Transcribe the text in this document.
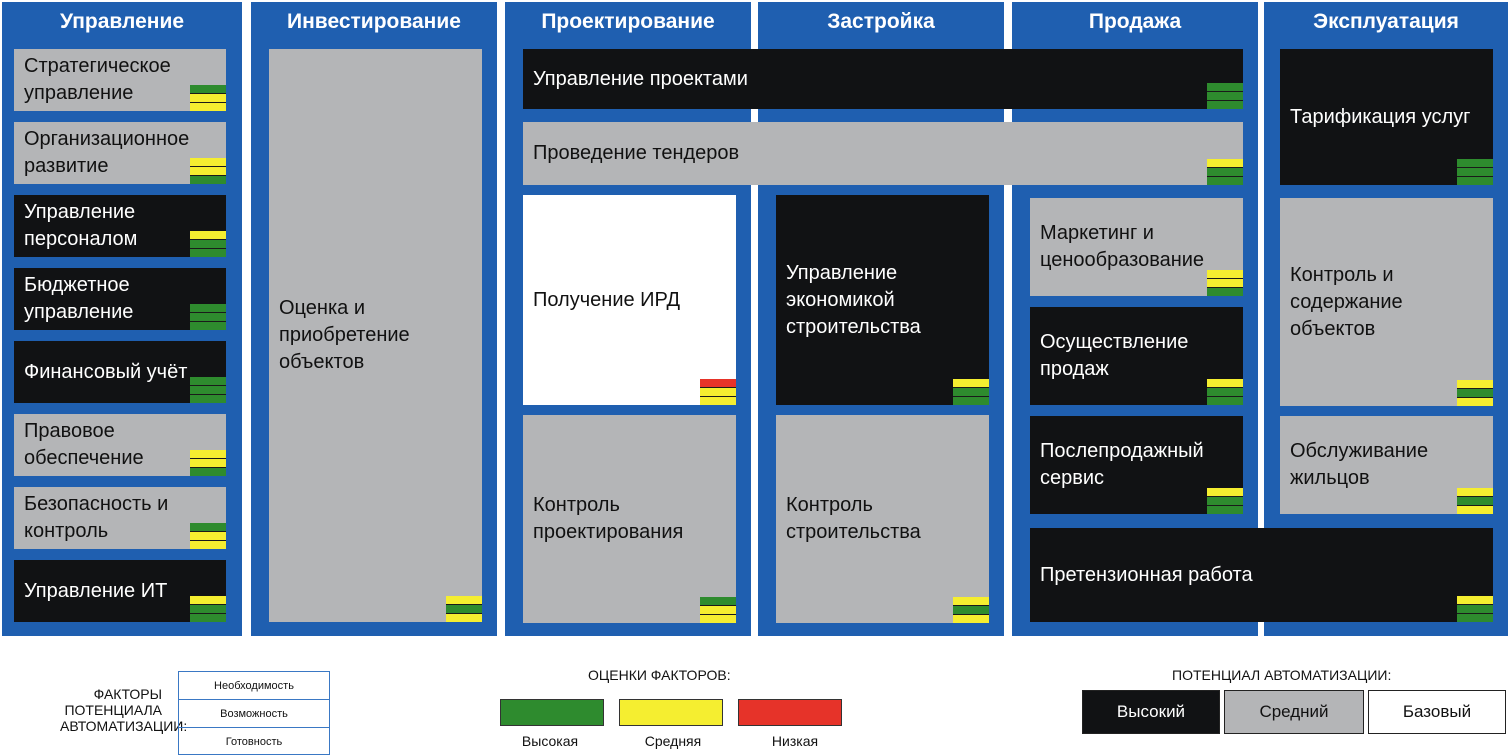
Управление	Инвестирование	Проектирование	Застройка	Продажа	Эксплуатация
Стратегическое
управление
Организационное
развитие
Управление
персоналом
Бюджетное
управление
Финансовый учёт
Правовое
обеспечение
Безопасность и
контроль
Управление ИТ
Оценка и
приобретение
объектов
Управление проектами
Проведение тендеров
Получение ИРД
Контроль
проектирования
Управление
экономикой
строительства
Контроль
строительства
Маркетинг и
ценообразование
Осуществление
продаж
Послепродажный
сервис
Претензионная работа
Тарификация услуг
Контроль и
содержание
объектов
Обслуживание
жильцов
ФАКТОРЫ
ПОТЕНЦИАЛА
АВТОМАТИЗАЦИИ:
Необходимость
Возможность
Готовность
ОЦЕНКИ ФАКТОРОВ:
Высокая	Средняя	Низкая
ПОТЕНЦИАЛ АВТОМАТИЗАЦИИ:
Высокий	Средний	Базовый
